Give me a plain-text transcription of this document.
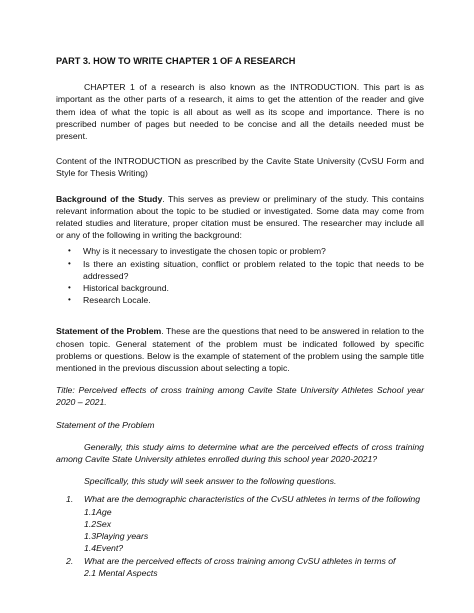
PART 3. HOW TO WRITE CHAPTER 1 OF A RESEARCH

CHAPTER 1 of a research is also known as the INTRODUCTION. This part is as important as the other parts of a research, it aims to get the attention of the reader and give them idea of what the topic is all about as well as its scope and importance. There is no prescribed number of pages but needed to be concise and all the details needed must be present.

Content of the INTRODUCTION as prescribed by the Cavite State University (CvSU Form and Style for Thesis Writing)

Background of the Study. This serves as preview or preliminary of the study. This contains relevant information about the topic to be studied or investigated. Some data may come from related studies and literature, proper citation must be ensured. The researcher may include all or any of the following in writing the background:

• Why is it necessary to investigate the chosen topic or problem?
• Is there an existing situation, conflict or problem related to the topic that needs to be addressed?
• Historical background.
• Research Locale.

Statement of the Problem. These are the questions that need to be answered in relation to the chosen topic. General statement of the problem must be indicated followed by specific problems or questions. Below is the example of statement of the problem using the sample title mentioned in the previous discussion about selecting a topic.

Title: Perceived effects of cross training among Cavite State University Athletes School year 2020 – 2021.

Statement of the Problem

Generally, this study aims to determine what are the perceived effects of cross training among Cavite State University athletes enrolled during this school year 2020-2021?

Specifically, this study will seek answer to the following questions.

1. What are the demographic characteristics of the CvSU athletes in terms of the following
1.1Age
1.2Sex
1.3Playing years
1.4Event?
2. What are the perceived effects of cross training among CvSU athletes in terms of
2.1 Mental Aspects
